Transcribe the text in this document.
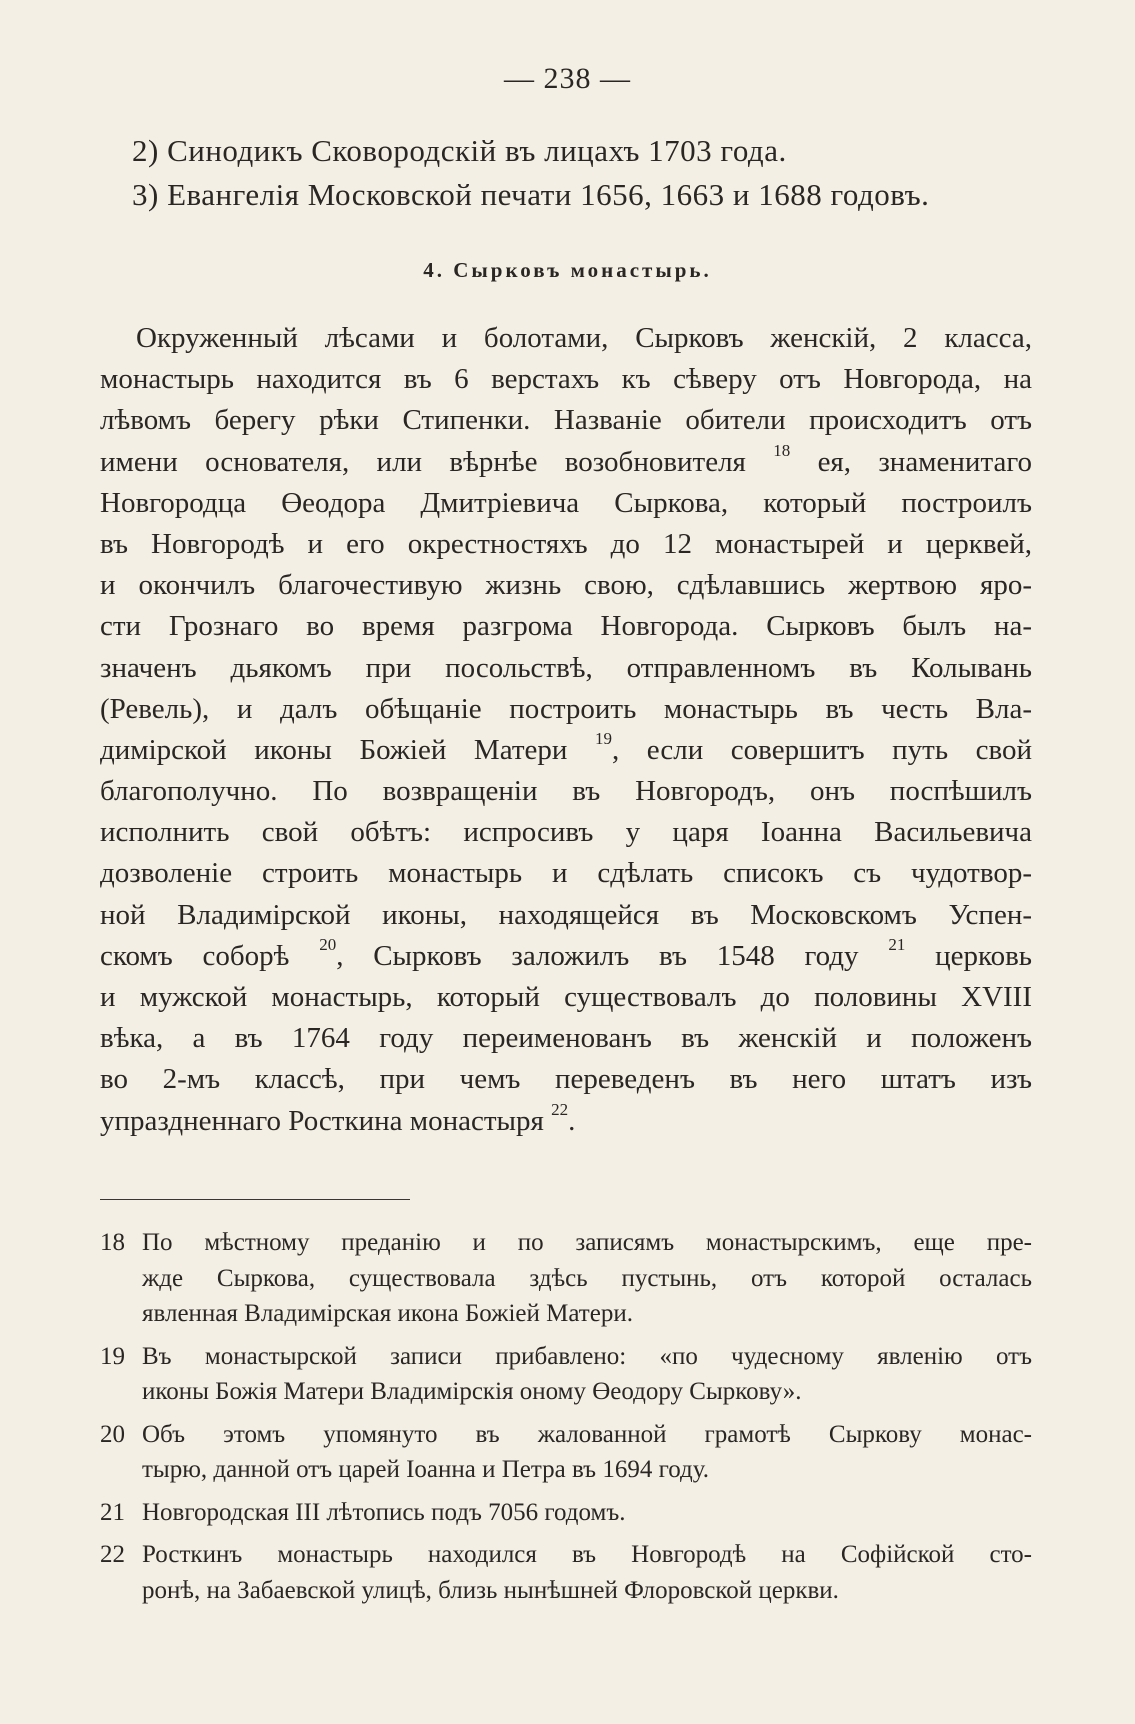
— 238 —
2) Синодикъ Сковородскій въ лицахъ 1703 года.
3) Евангелія Московской печати 1656, 1663 и 1688 годовъ.
4. Сырковъ монастырь.
Окруженный лѣсами и болотами, Сырковъ женскій, 2 класса,
монастырь находится въ 6 верстахъ къ сѣверу отъ Новгорода, на
лѣвомъ берегу рѣки Стипенки. Названіе обители происходитъ отъ
имени основателя, или вѣрнѣе возобновителя $^{18}$ ея, знаменитаго
Новгородца Өеодора Дмитріевича Сыркова, который построилъ
въ Новгородѣ и его окрестностяхъ до 12 монастырей и церквей,
и окончилъ благочестивую жизнь свою, сдѣлавшись жертвою яро-
сти Грознаго во время разгрома Новгорода. Сырковъ былъ на-
значенъ дьякомъ при посольствѣ, отправленномъ въ Колывань
(Ревель), и далъ обѣщаніе построить монастырь въ честь Вла-
димірской иконы Божіей Матери $^{19}$, если совершитъ путь свой
благополучно. По возвращеніи въ Новгородъ, онъ поспѣшилъ
исполнить свой обѣтъ: испросивъ у царя Іоанна Васильевича
дозволеніе строить монастырь и сдѣлать списокъ съ чудотвор-
ной Владимірской иконы, находящейся въ Московскомъ Успен-
скомъ соборѣ $^{20}$, Сырковъ заложилъ въ 1548 году $^{21}$ церковь
и мужской монастырь, который существовалъ до половины XVIII
вѣка, а въ 1764 году переименованъ въ женскій и положенъ
во 2-мъ классѣ, при чемъ переведенъ въ него штатъ изъ
упраздненнаго Росткина монастыря $^{22}$.
18 По мѣстному преданію и по записямъ монастырскимъ, еще пре-
жде Сыркова, существовала здѣсь пустынь, отъ которой осталась
явленная Владимірская икона Божіей Матери.
19 Въ монастырской записи прибавлено: «по чудесному явленію отъ
иконы Божія Матери Владимірскія оному Өеодору Сыркову».
20 Объ этомъ упомянуто въ жалованной грамотѣ Сыркову монас-
тырю, данной отъ царей Іоанна и Петра въ 1694 году.
21 Новгородская III лѣтопись подъ 7056 годомъ.
22 Росткинъ монастырь находился въ Новгородѣ на Софійской сто-
ронѣ, на Забаевской улицѣ, близь нынѣшней Флоровской церкви.
